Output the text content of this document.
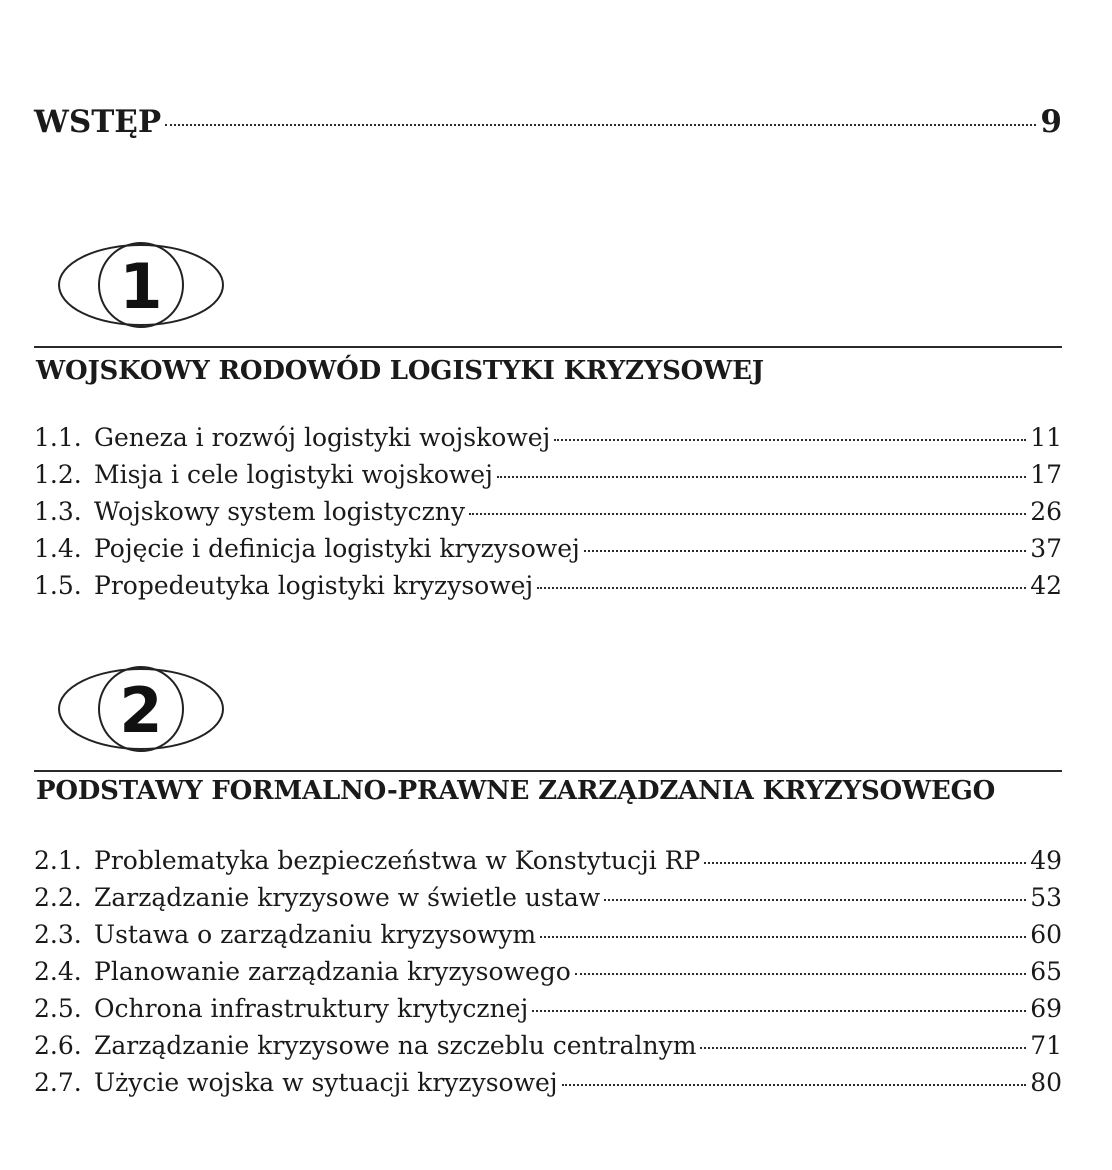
WSTĘP	9
1
WOJSKOWY RODOWÓD LOGISTYKI KRYZYSOWEJ
1.1. Geneza i rozwój logistyki wojskowej	11
1.2. Misja i cele logistyki wojskowej	17
1.3. Wojskowy system logistyczny	26
1.4. Pojęcie i definicja logistyki kryzysowej	37
1.5. Propedeutyka logistyki kryzysowej	42
2
PODSTAWY FORMALNO-PRAWNE ZARZĄDZANIA KRYZYSOWEGO
2.1. Problematyka bezpieczeństwa w Konstytucji RP	49
2.2. Zarządzanie kryzysowe w świetle ustaw	53
2.3. Ustawa o zarządzaniu kryzysowym	60
2.4. Planowanie zarządzania kryzysowego	65
2.5. Ochrona infrastruktury krytycznej	69
2.6. Zarządzanie kryzysowe na szczeblu centralnym	71
2.7. Użycie wojska w sytuacji kryzysowej	80
